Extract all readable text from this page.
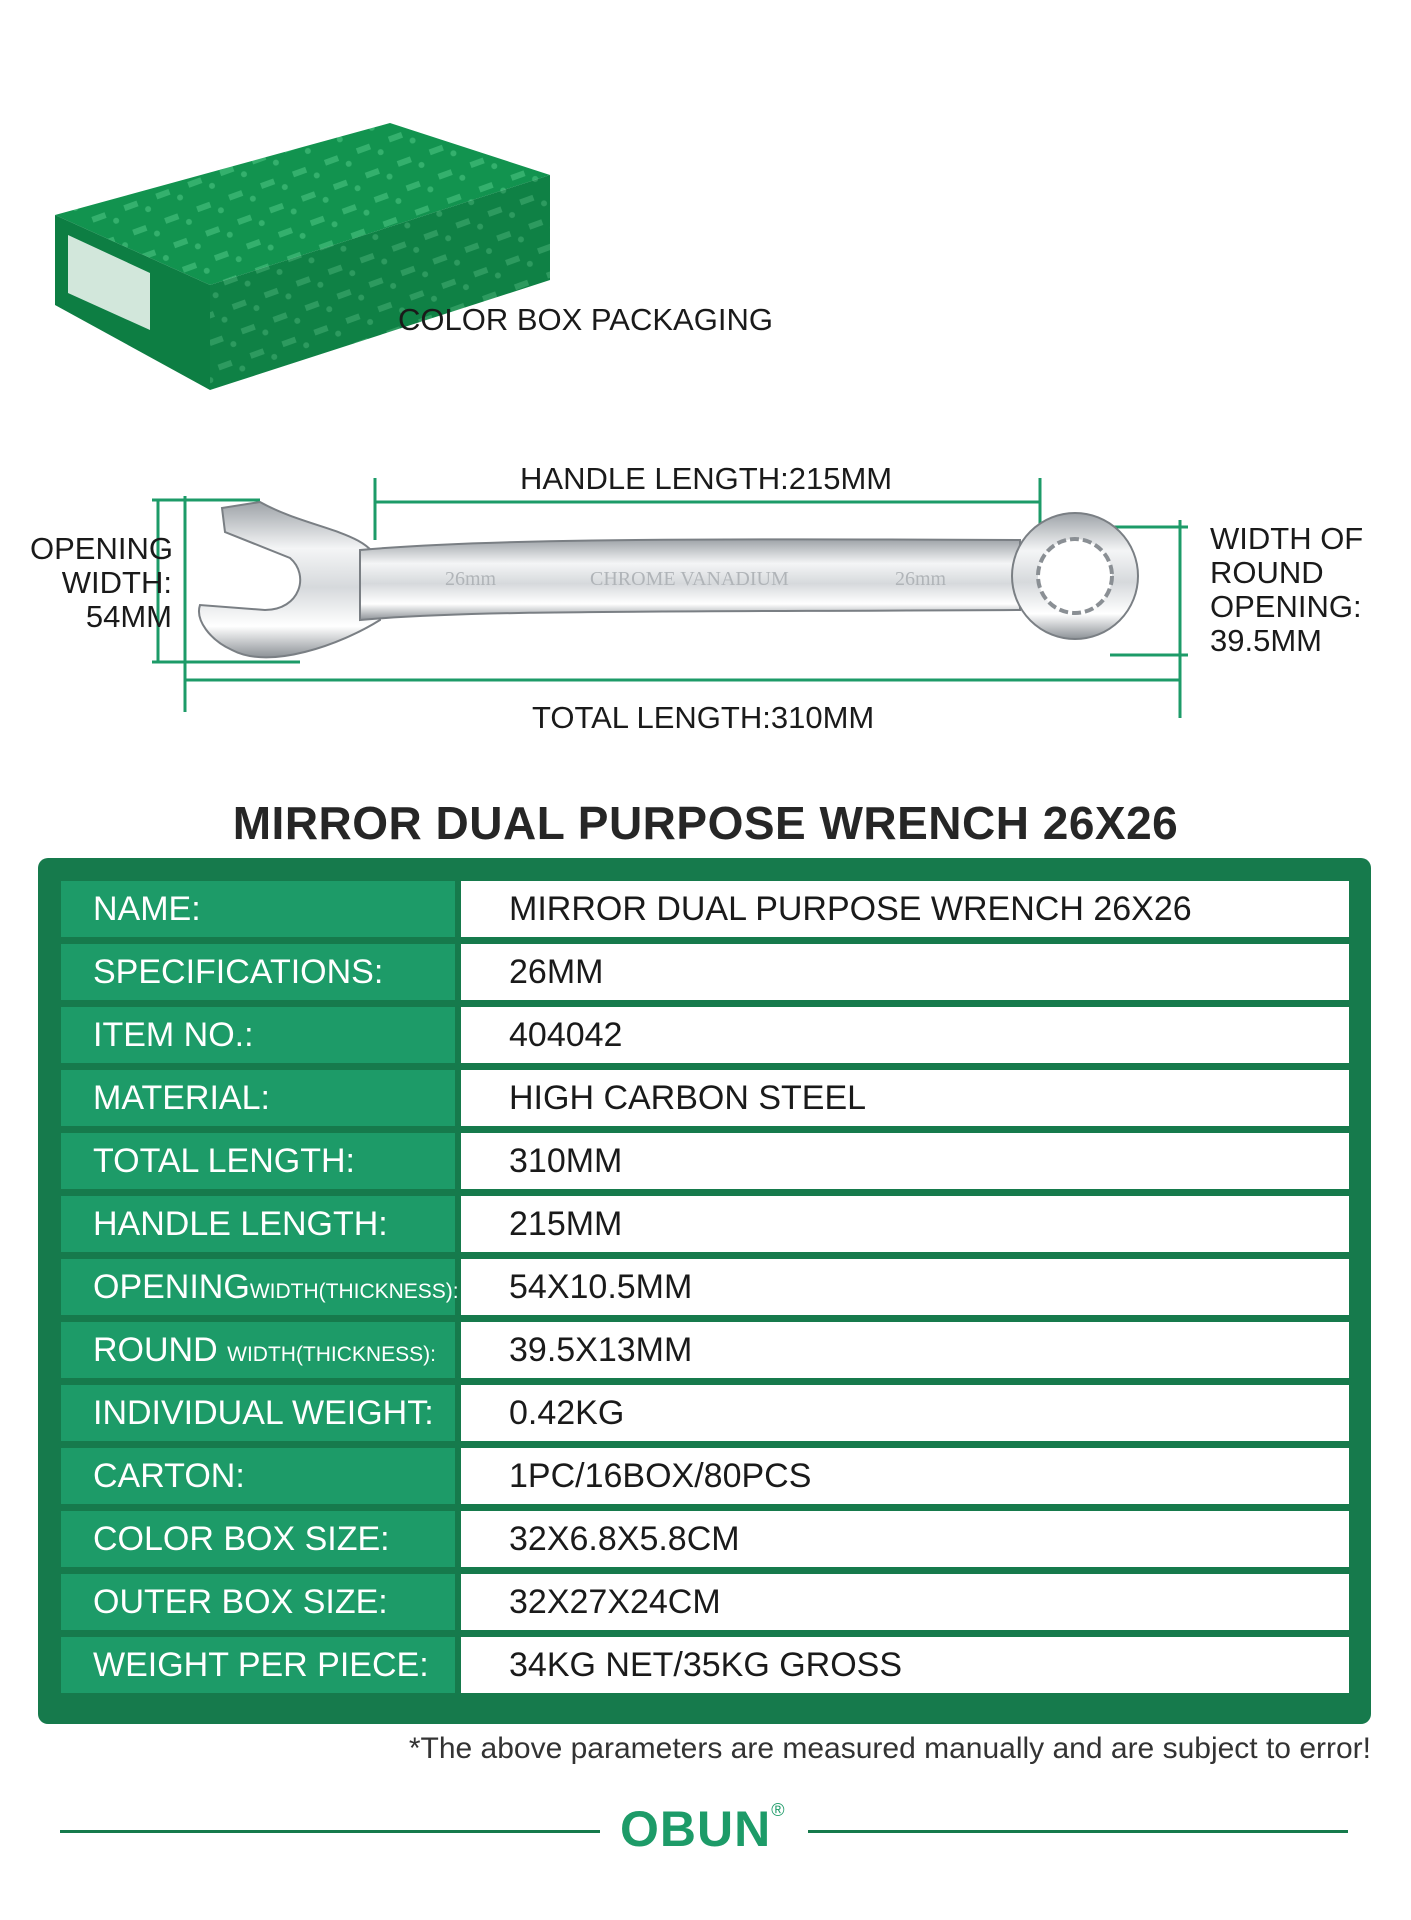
COLOR BOX PACKAGING
26mm	CHROME VANADIUM	26mm
HANDLE LENGTH:215MM
TOTAL LENGTH:310MM
OPENING
WIDTH:
54MM
WIDTH OF
ROUND
OPENING:
39.5MM
MIRROR DUAL PURPOSE WRENCH 26X26
NAME:	MIRROR DUAL PURPOSE WRENCH 26X26
SPECIFICATIONS:	26MM
ITEM NO.:	404042
MATERIAL:	HIGH CARBON STEEL
TOTAL LENGTH:	310MM
HANDLE LENGTH:	215MM
OPENINGWIDTH(THICKNESS):	54X10.5MM
ROUND WIDTH(THICKNESS):	39.5X13MM
INDIVIDUAL WEIGHT:	0.42KG
CARTON:	1PC/16BOX/80PCS
COLOR BOX SIZE:	32X6.8X5.8CM
OUTER BOX SIZE:	32X27X24CM
WEIGHT PER PIECE:	34KG NET/35KG GROSS
*The above parameters are measured manually and are subject to error!
OBUN®
